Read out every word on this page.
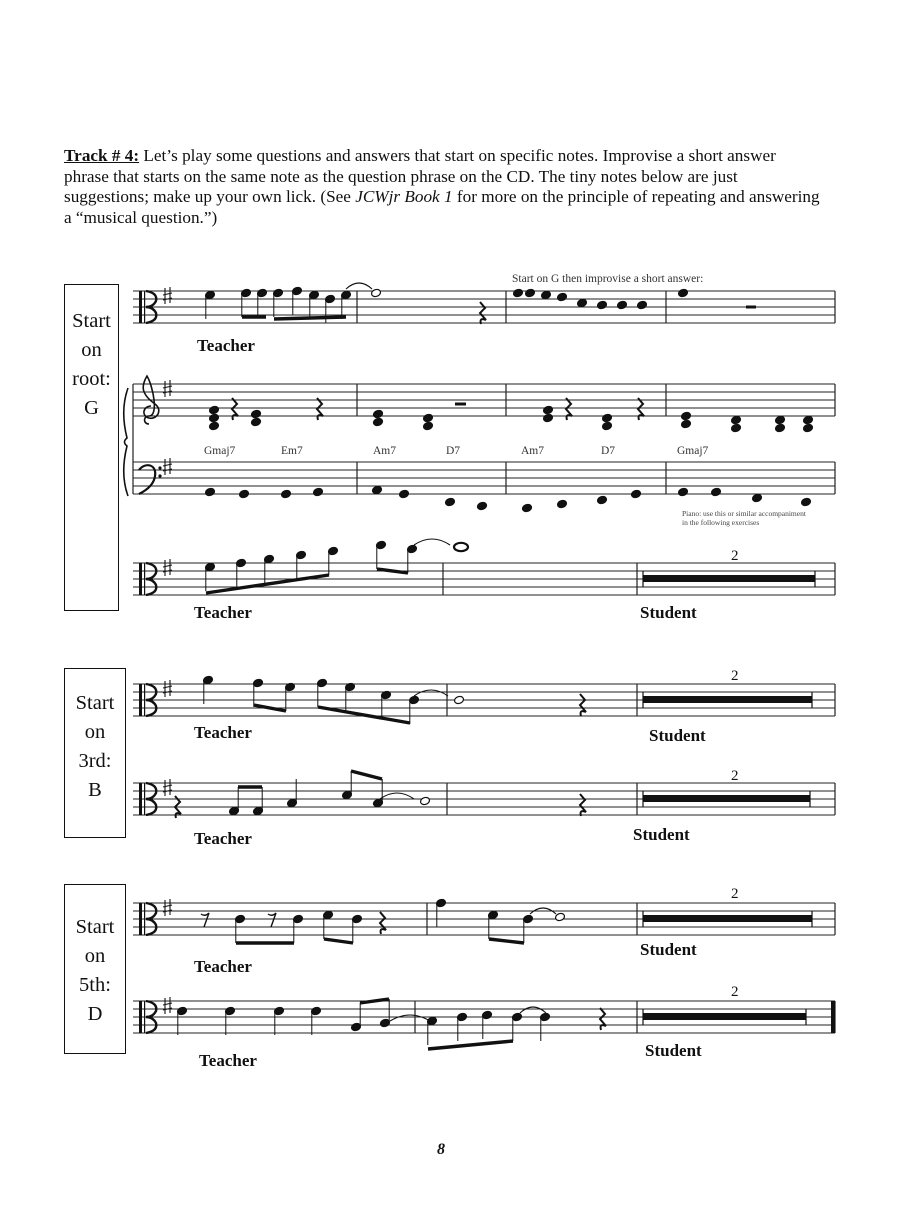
Track # 4: Let’s play some questions and answers that start on specific notes. Improvise a short answer phrase that starts on the same note as the question phrase on the CD. The tiny notes below are just suggestions; make up your own lick. (See JCWjr Book 1 for more on the principle of repeating and answering a “musical question.”)

Start
on
root:
G
Start
on
3rd:
B
Start
on
5th:
D
Start on G then improvise a short answer:
Piano: use this or similar accompaniment
in the following exercises
Gmaj7	Em7	Am7	D7	Am7	D7	Gmaj7
Teacher
Teacher	Student
Teacher	Student
Teacher	Student
Teacher
Student
Teacher
Student
2
2
2
2
2
8
